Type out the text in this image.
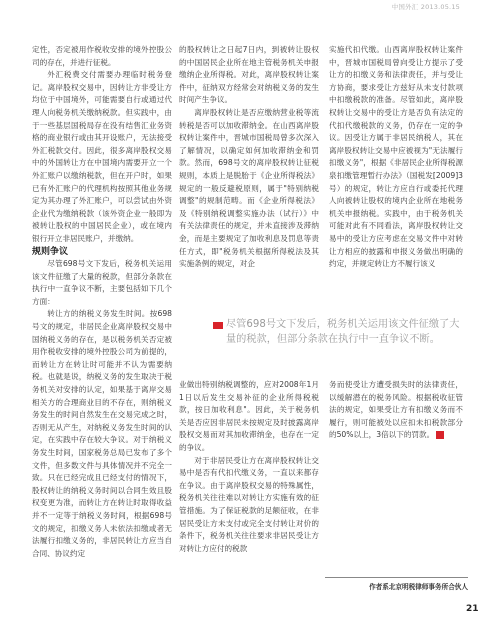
中国外汇 2013.05.15

定性，否定被用作税收安排的境外控股公司的存在，并进行征税。

外汇税费交付需要办理临时税务登记。离岸股权交易中，因转让方非受让方均位于中国境外，可能需要自行或通过代理人向税务机关缴纳税款。但实践中，由于一些基层国税局存在没有结售汇业务资格的商业银行或由其开设账户，无法接受外汇税款交付。因此，很多离岸股权交易中的外国转让方在中国境内需要开立一个外汇账户以缴纳税款，但在开户时，如果已有外汇账户的代理机构按照其他业务规定为其办理了外汇账户，可以尝试由外资企业代为缴纳税款（该外资企业一般即为被转让股权的中国居民企业），或在境内银行开立非居民账户，并缴纳。

规则争议

尽管698号文下发后，税务机关运用该文件征缴了大量的税款，但部分条款在执行中一直争议不断，主要包括如下几个方面：

转让方的纳税义务发生时间。按698号文的规定，非居民企业离岸股权交易中国纳税义务的存在，是以税务机关否定被用作税收安排的境外控股公司为前提的，而转让方在转让时可能并不认为需要纳税。也就是说，纳税义务的发生取决于税务机关对安排的认定，如果基于离岸交易相关方的合理商业目的不存在，则纳税义务发生的时间自然发生在交易完成之时，否则无从产生，对纳税义务发生时间的认定，在实践中存在较大争议。对于纳税义务发生时间，国家税务总局已发布了多个文件，但多数文件与具体情况并不完全一致。只在已经完成且已经支付的情况下，股权转让的纳税义务时间以合同生效且股权变更为准，而转让方在转让时取得收益并不一定等于纳税义务时间，根据698号文的规定，扣缴义务人未依法扣缴或者无法履行扣缴义务的，非居民转让方应当自合同、协议约定

的股权转让之日起7日内，到被转让股权的中国居民企业所在地主管税务机关申报缴纳企业所得税。对此，离岸股权转让案件中，征纳双方经常会对纳税义务的发生时间产生争议。

离岸股权转让是否应缴纳营业税等流转税是否可以加收滞纳金。在山西离岸股权转让案件中，晋城市国税局曾多次深入了解情况，以确定如何加收滞纳金和罚款。然而，698号文的离岸股权转让征税规则，本质上是脱胎于《企业所得税法》规定的一般反避税原则，属于"特别纳税调整"的规制范畴。而《企业所得税法》及《特别纳税调整实施办法（试行）》中有关法律责任的规定，并未直接涉及滞纳金，而是主要规定了加收利息及罚息等责任方式，即"税务机关根据所得税法及其实施条例的规定，对企

实施代扣代缴。山西离岸股权转让案件中，晋城市国税局曾向受让方提示了受让方的扣缴义务和法律责任，并与受让方协商，要求受让方兹好从未支付款项中扣缴税款的准备。尽管如此，离岸股权转让交易中的受让方是否负有法定的代扣代缴税款的义务，仍存在一定的争议。因受让方属于非居民纳税人，其在离岸股权转让交易中应被视为"无法履行扣缴义务"，根据《非居民企业所得税源泉扣缴管理暂行办法》（国税发[2009]3号）的规定，转让方应自行或委托代理人向被转让股权的境内企业所在地税务机关申报纳税。实践中，由于税务机关可能对此有不同看法，离岸股权转让交易中的受让方应考虑在交易文件中对转让方相应的披露和申报义务做出明确的约定，并规定转让方不履行该义

尽管698号文下发后，税务机关运用该文件征缴了大量的税款，但部分条款在执行中一直争议不断。

业做出特别纳税调整的，应对2008年1月1日以后发生交易补征的企业所得税税款，按日加收利息"。因此，关于税务机关是否应因非居民未按规定及时披露离岸股权交易而对其加收滞纳金，也存在一定的争议。

对于非居民受让方在离岸股权转让交易中是否有代扣代缴义务，一直以来都存在争议。由于离岸股权交易的特殊属性，税务机关往往难以对转让方实施有效的征管措施。为了保证税款的足额征收，在非居民受让方未支付或完全支付转让对价的条件下，税务机关往往要求非居民受让方对转让方应付的税款

务而使受让方遭受损失时的法律责任，以缓解潜在的税务风险。根据税收征管法的规定，如果受让方有扣缴义务而不履行，则可能被处以应扣未扣税款部分的50%以上，3倍以下的罚款。

作者系北京明税律师事务所合伙人
21
